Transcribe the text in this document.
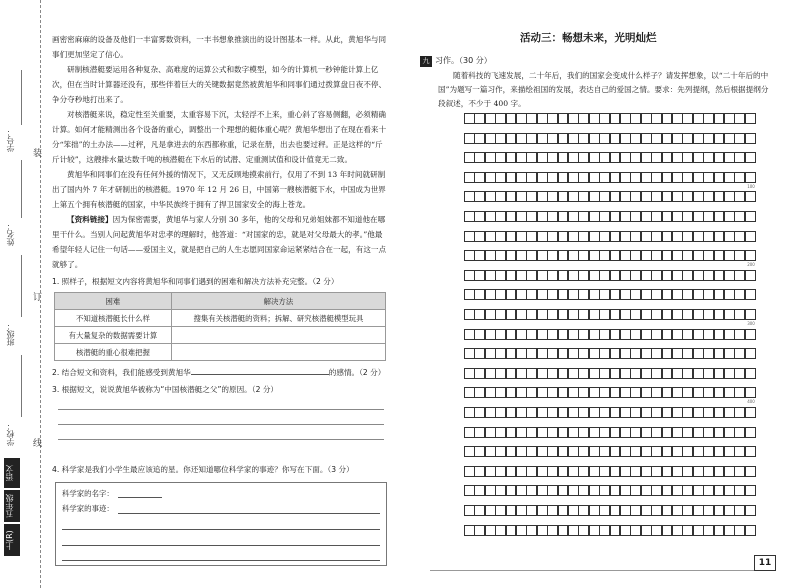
学号：
姓名：
班级：
学校：
装
订
线
语文
五年级
上(R)

画密密麻麻的设备及他们一丰富雾数资料，一丰书想象推演出的设计图基本一样。从此，黄旭华与同事们更加坚定了信心。

研制核潜艇要运用各种复杂、高难度的运算公式和数字模型，如今的计算机一秒钟能计算上亿次，但在当时计算器还没有，那些伴着巨大的关键数据竟然被黄旭华和同事们通过拨算盘日夜不停、争分夺秒地打出来了。

对核潜艇来说，稳定性至关重要，太重容易下沉，太轻浮不上来，重心斜了容易侧翻，必须精确计算。如何才能精测出各个设备的重心，调整出一个理想的艇体重心呢？黄旭华想出了在现在看来十分“笨拙”的土办法——过秤，凡是拿进去的东西都称重，记录在册，出去也要过秤。正是这样的“斤斤计较”，这艘排水量达数千吨的核潜艇在下水后的试潜、定重测试值和设计值竟无二致。

黄旭华和同事们在没有任何外援的情况下，又无反顾地摸索前行，仅用了不到 13 年时间就研制出了国内外 7 年才研制出的核潜艇。1970 年 12 月 26 日，中国第一艘核潜艇下水，中国成为世界上第五个拥有核潜艇的国家，中华民族终于拥有了捍卫国家安全的海上苍龙。

【资料链接】因为保密需要，黄旭华与家人分别 30 多年，他的父母和兄弟姐妹都不知道他在哪里干什么。当别人问起黄旭华对忠孝的理解时，他答道：“对国家的忠，就是对父母最大的孝。”他最希望年轻人记住一句话——爱国主义，就是把自己的人生志愿同国家命运紧紧结合在一起，有这一点就够了。

1. 照样子，根据短文内容将黄旭华和同事们遇到的困难和解决方法补充完整。（2 分）

困难	解决方法
不知道核潜艇长什么样	搜集有关核潜艇的资料；拆解、研究核潜艇模型玩具
有大量复杂的数据需要计算	
核潜艇的重心很难把握	

2. 结合短文和资料，我们能感受到黄旭华	的感情。（2 分）

3. 根据短文，说说黄旭华被称为“中国核潜艇之父”的原因。（2 分）

4. 科学家是我们小学生最应该追的星。你还知道哪位科学家的事迹？你写在下面。（3 分）

科学家的名字：
科学家的事迹：
活动三：畅想未来，光明灿烂
九 习作。（30 分）
随着科技的飞速发展，二十年后，我们的国家会变成什么样子？请发挥想象，以“二十年后的中国”为题写一篇习作，来描绘祖国的发展，表达自己的爱国之情。要求：先列提纲，然后根据提纲分段叙述，不少于 400 字。
100
200
300
400
11
